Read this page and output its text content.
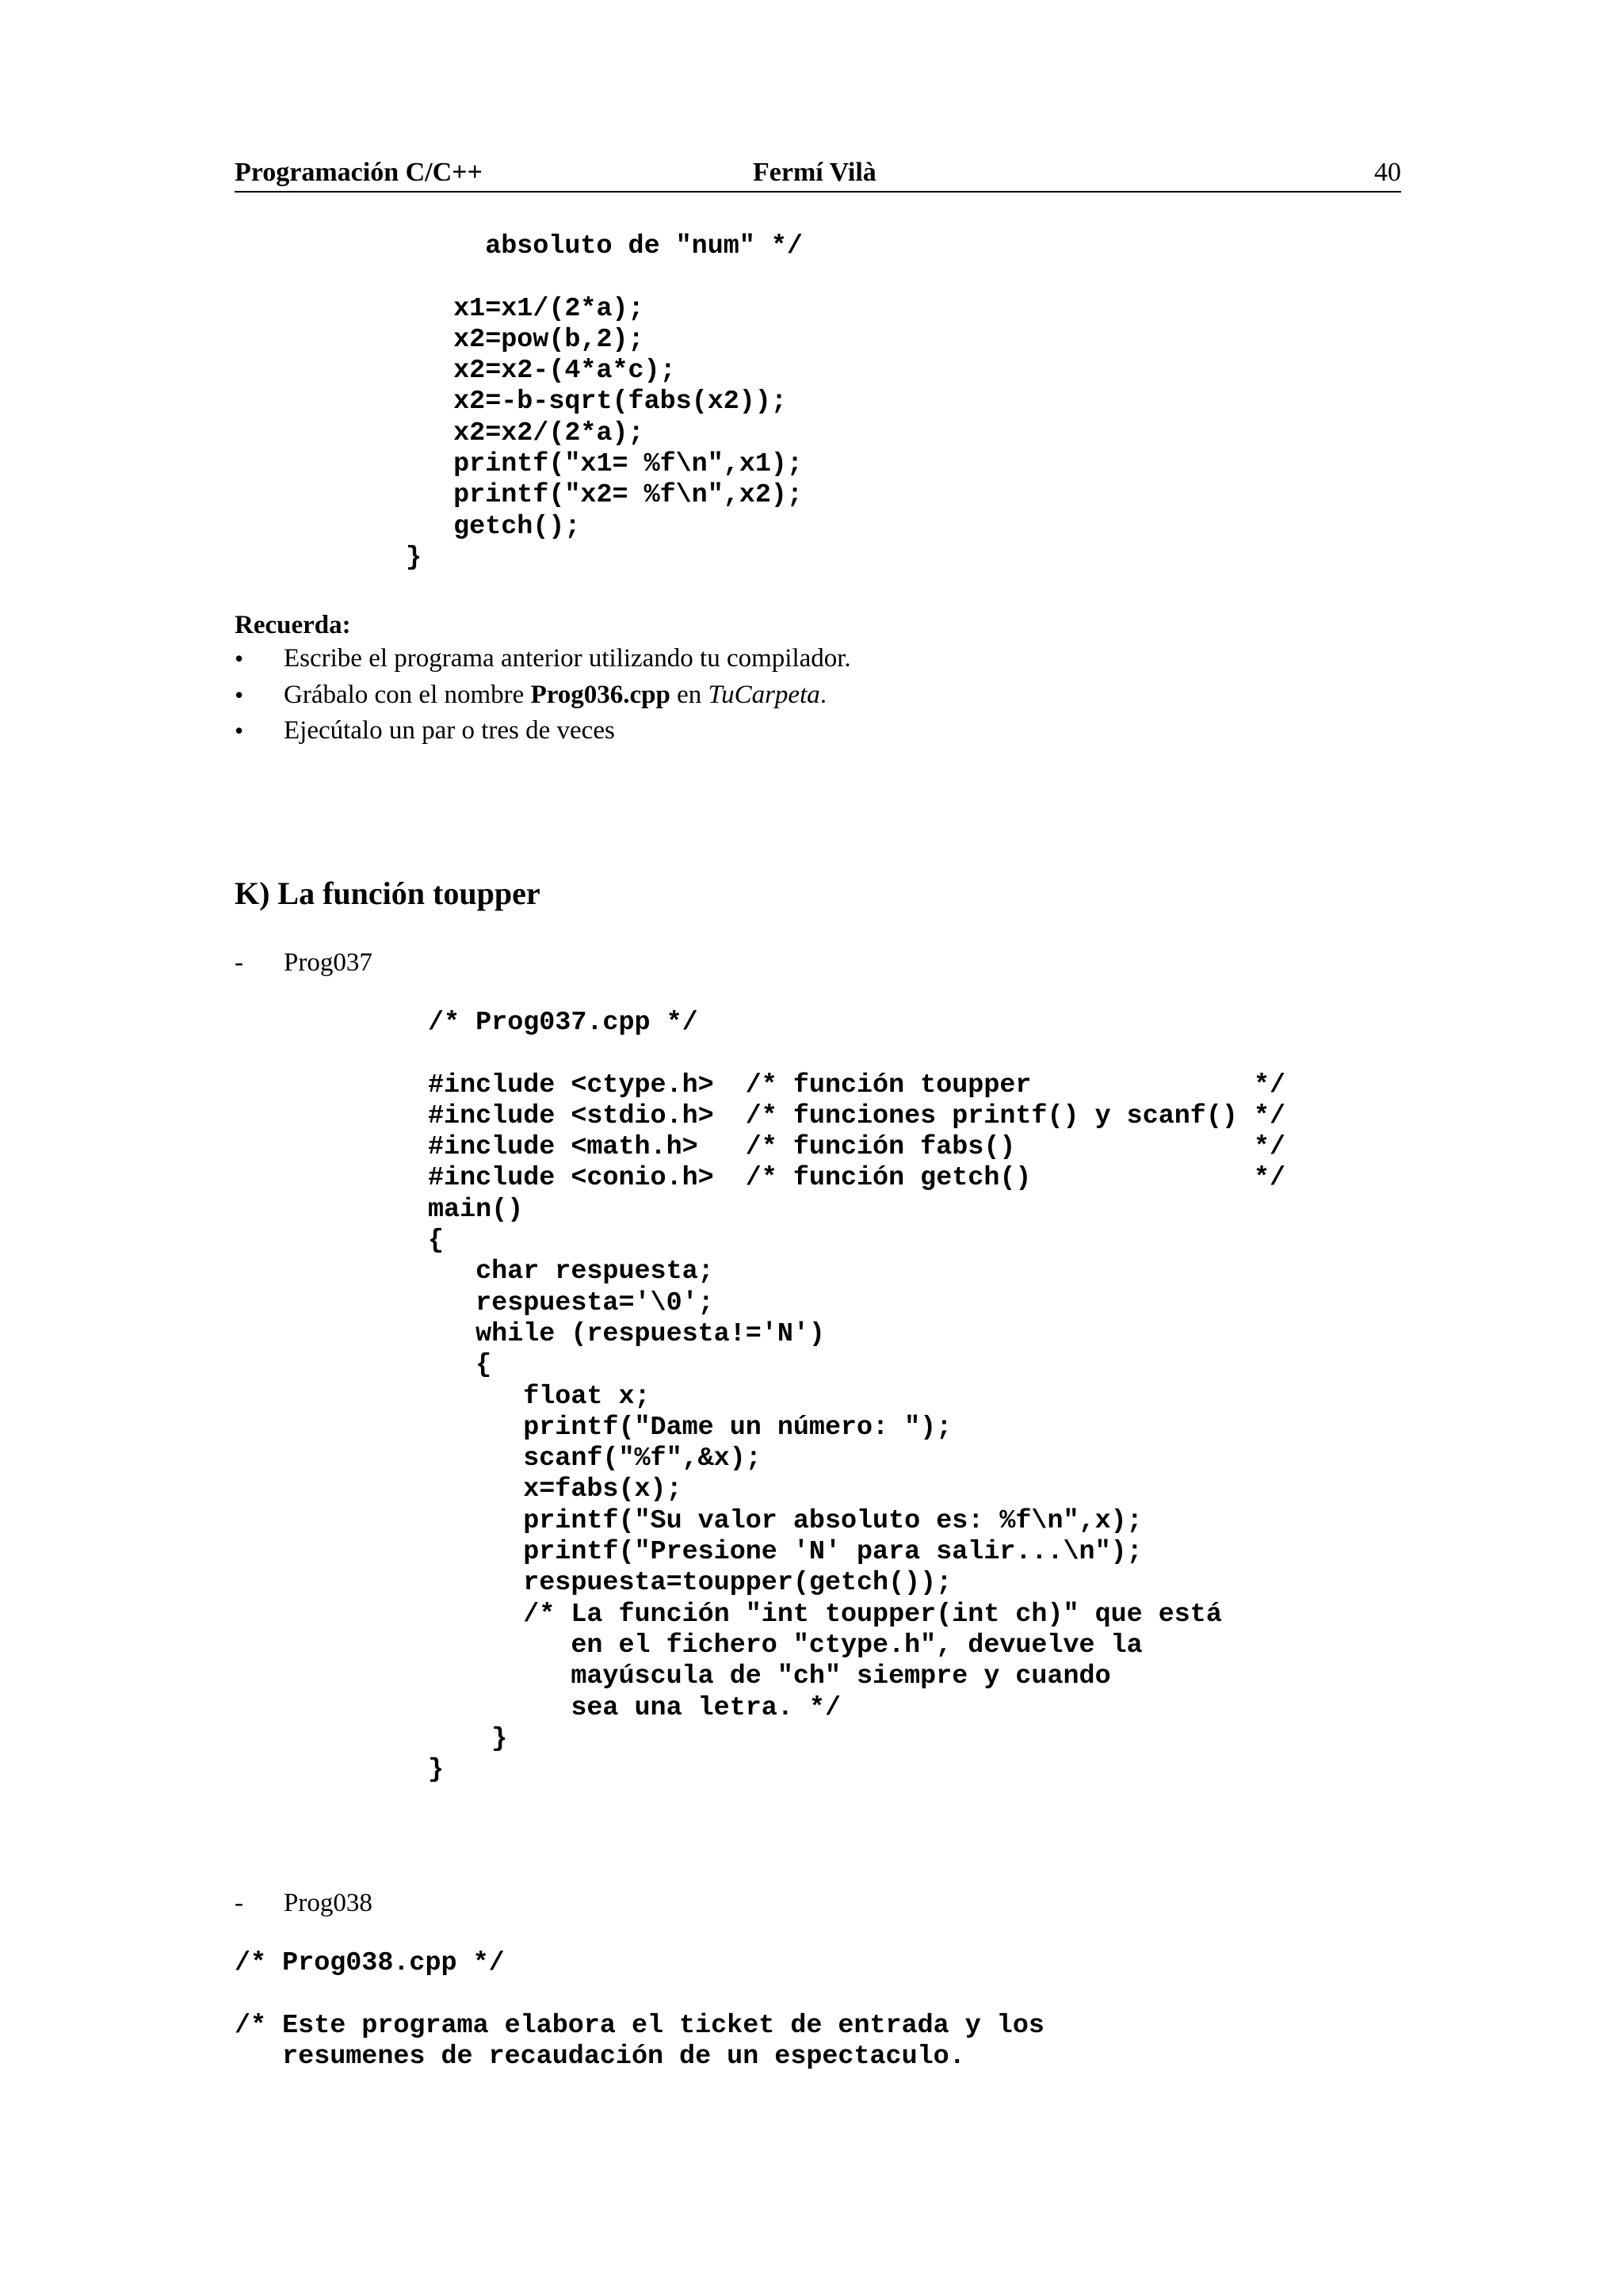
Programación C/C++	Fermí Vilà	40
absoluto de "num" */
x1=x1/(2*a);
x2=pow(b,2);
x2=x2-(4*a*c);
x2=-b-sqrt(fabs(x2));
x2=x2/(2*a);
printf("x1= %f\n",x1);
printf("x2= %f\n",x2);
getch();
}
Recuerda:
• Escribe el programa anterior utilizando tu compilador.
• Grábalo con el nombre Prog036.cpp en TuCarpeta.
• Ejecútalo un par o tres de veces
K) La función toupper
- Prog037
/* Prog037.cpp */
#include <ctype.h>  /* función toupper              */
#include <stdio.h>  /* funciones printf() y scanf() */
#include <math.h>   /* función fabs()               */
#include <conio.h>  /* función getch()              */
main()
{
char respuesta;
respuesta='\0';
while (respuesta!='N')
{
float x;
printf("Dame un número: ");
scanf("%f",&x);
x=fabs(x);
printf("Su valor absoluto es: %f\n",x);
printf("Presione 'N' para salir...\n");
respuesta=toupper(getch());
/* La función "int toupper(int ch)" que está
en el fichero "ctype.h", devuelve la
mayúscula de "ch" siempre y cuando
sea una letra. */
}
}
- Prog038
/* Prog038.cpp */
/* Este programa elabora el ticket de entrada y los
resumenes de recaudación de un espectaculo.
